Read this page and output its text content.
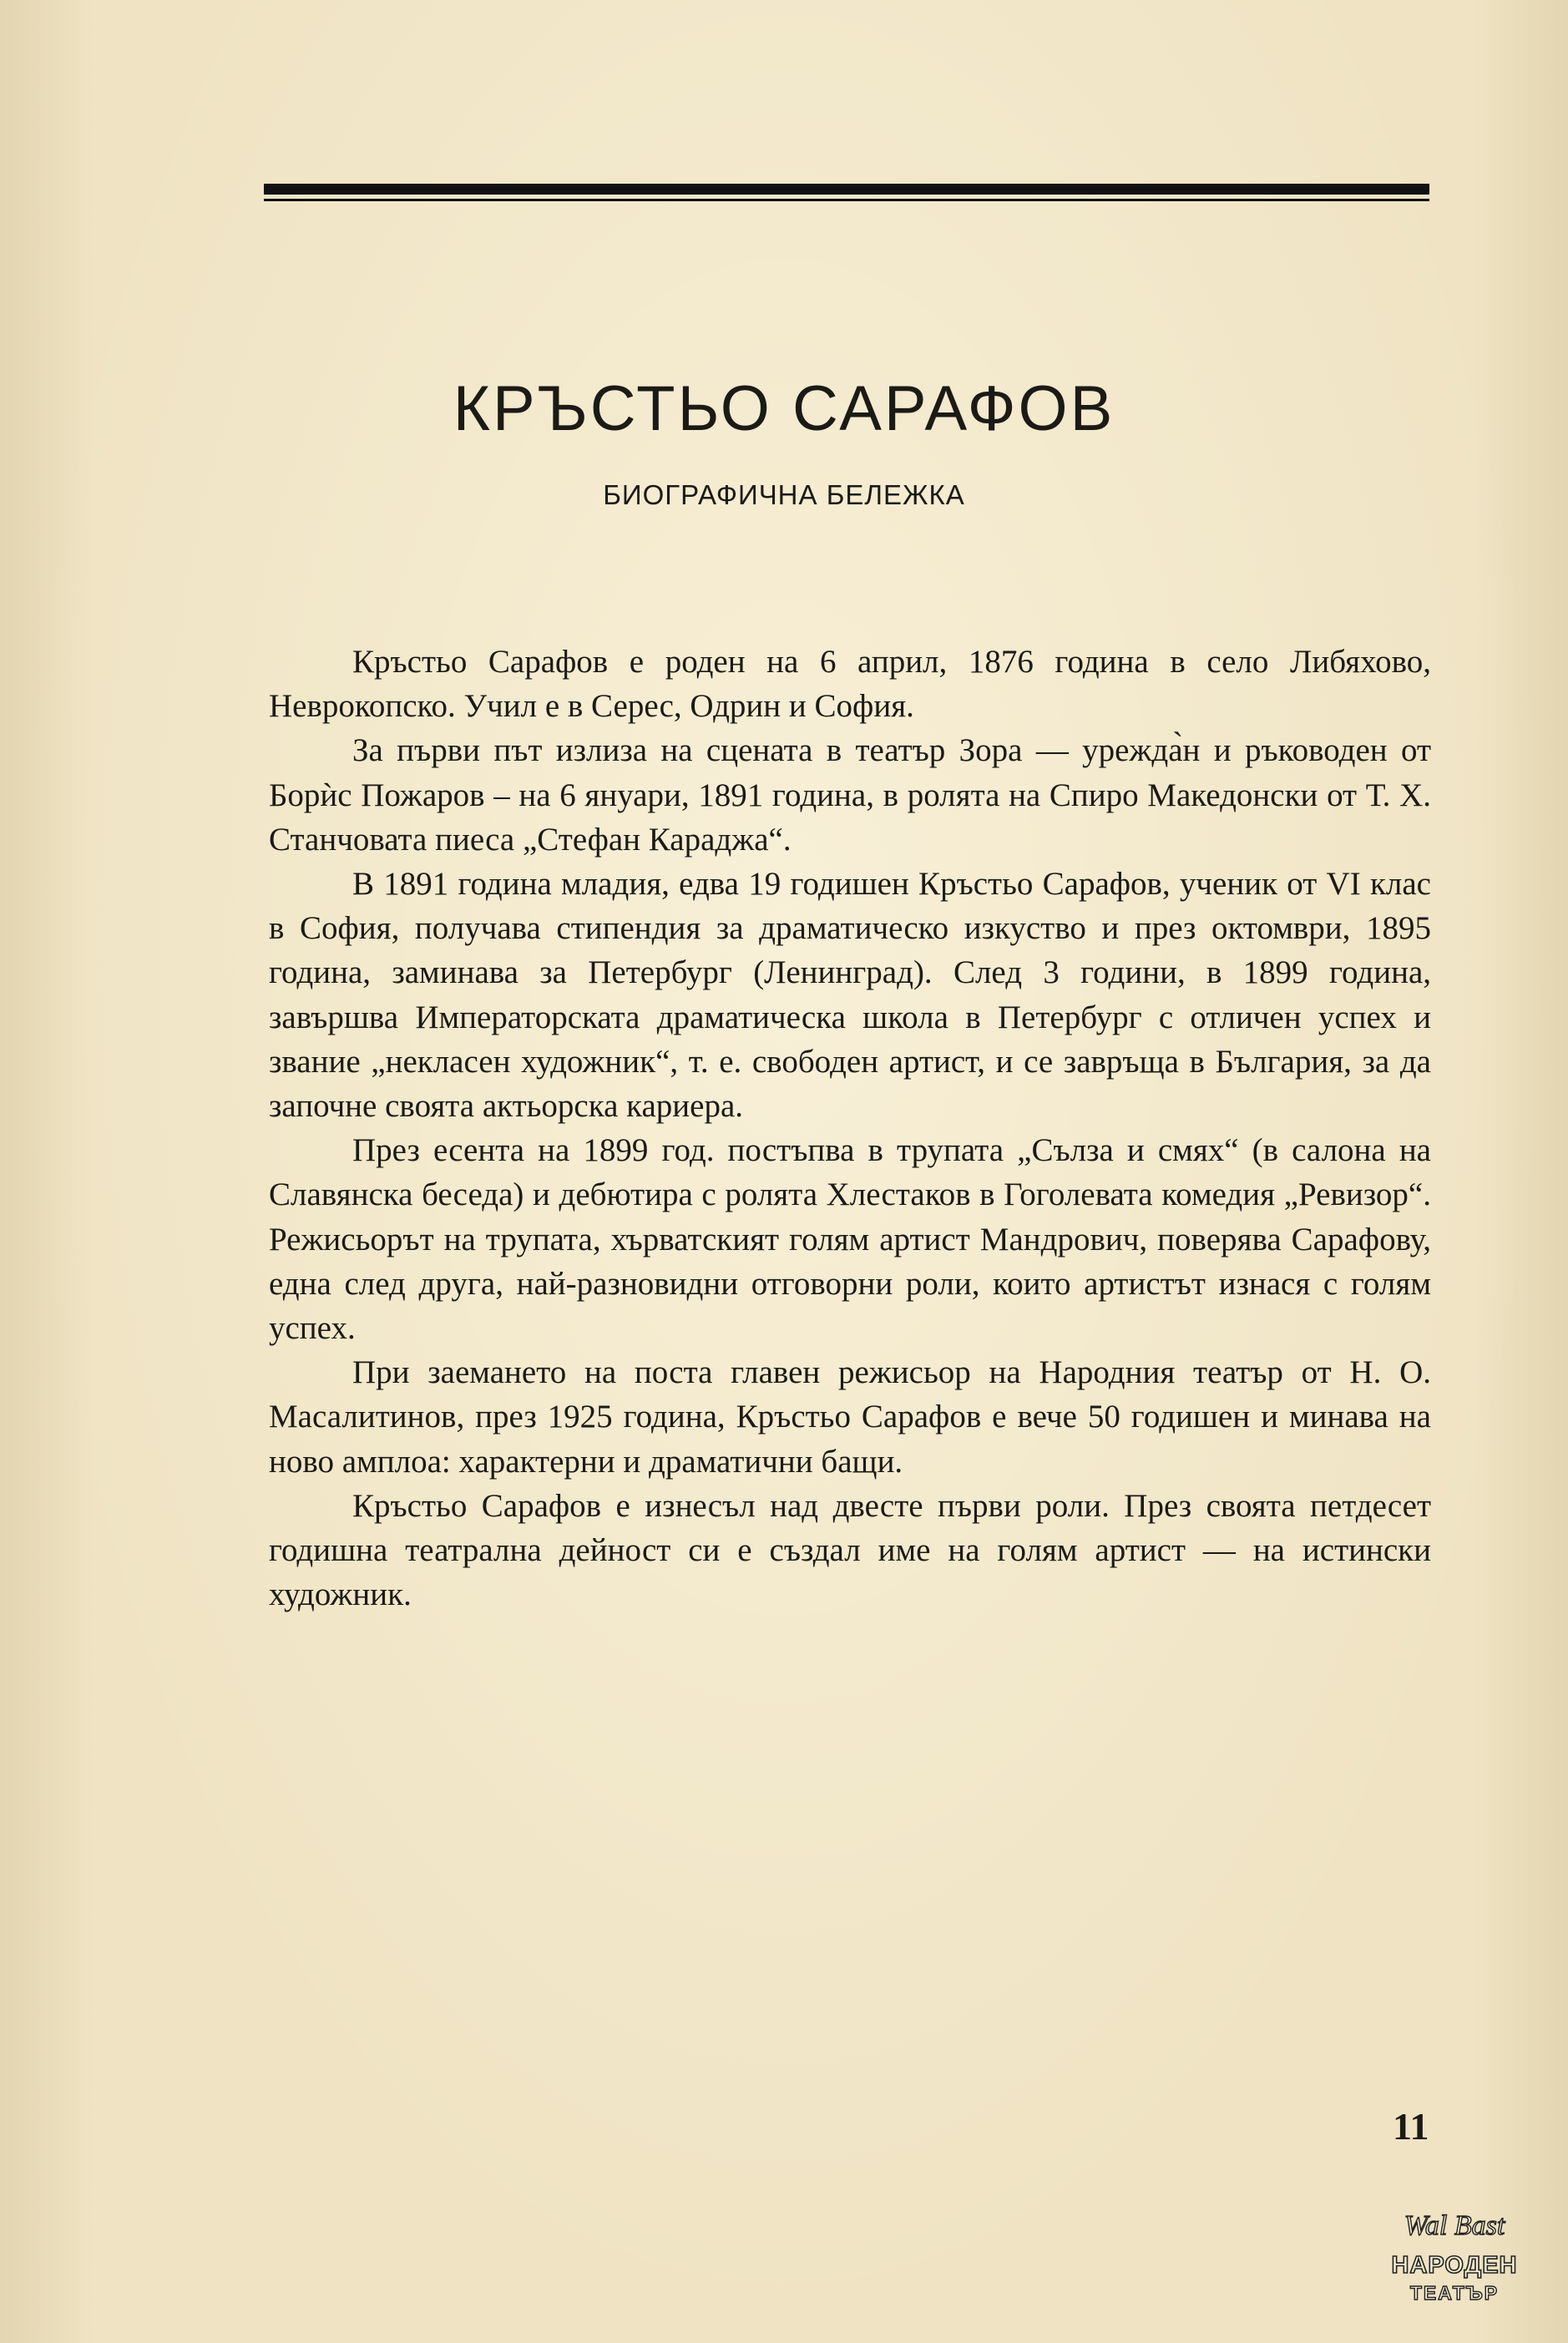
КРЪСТЬО САРАФОВ
БИОГРАФИЧНА БЕЛЕЖКА

Кръстьо Сарафов е роден на 6 април, 1876 година в село Либяхово, Неврокопско. Учил е в Серес, Одрин и София.

За първи път излиза на сцената в театър Зора — урежда̀н и ръководен от Борѝс Пожаров – на 6 януари, 1891 година, в ролята на Спиро Македонски от Т. Х. Станчовата пиеса „Стефан Караджа“.

В 1891 година младия, едва 19 годишен Кръстьо Сарафов, ученик от VI клас в София, получава стипендия за драматическо изкуство и през октомври, 1895 година, заминава за Петербург (Ленинград). След 3 години, в 1899 година, завършва Императорската драматическа школа в Петербург с отличен успех и звание „некласен художник“, т. е. свободен артист, и се завръща в България, за да започне своята актьорска кариера.

През есента на 1899 год. постъпва в трупата „Сълза и смях“ (в салона на Славянска беседа) и дебютира с ролята Хлестаков в Гоголевата комедия „Ревизор“. Режисьорът на трупата, хърватският голям артист Мандрович, поверява Сарафову, една след друга, най-разновидни отговорни роли, които артистът изнася с голям успех.

При заемането на поста главен режисьор на Народния театър от Н. О. Масалитинов, през 1925 година, Кръстьо Сарафов е вече 50 годишен и минава на ново амплоа: характерни и драматични бащи.

Кръстьо Сарафов е изнесъл над двесте първи роли. През своята петдесет годишна театрална дейност си е създал име на голям артист — на истински художник.

11
Wal Bast
НАРОДЕН
ТЕАТЪР
